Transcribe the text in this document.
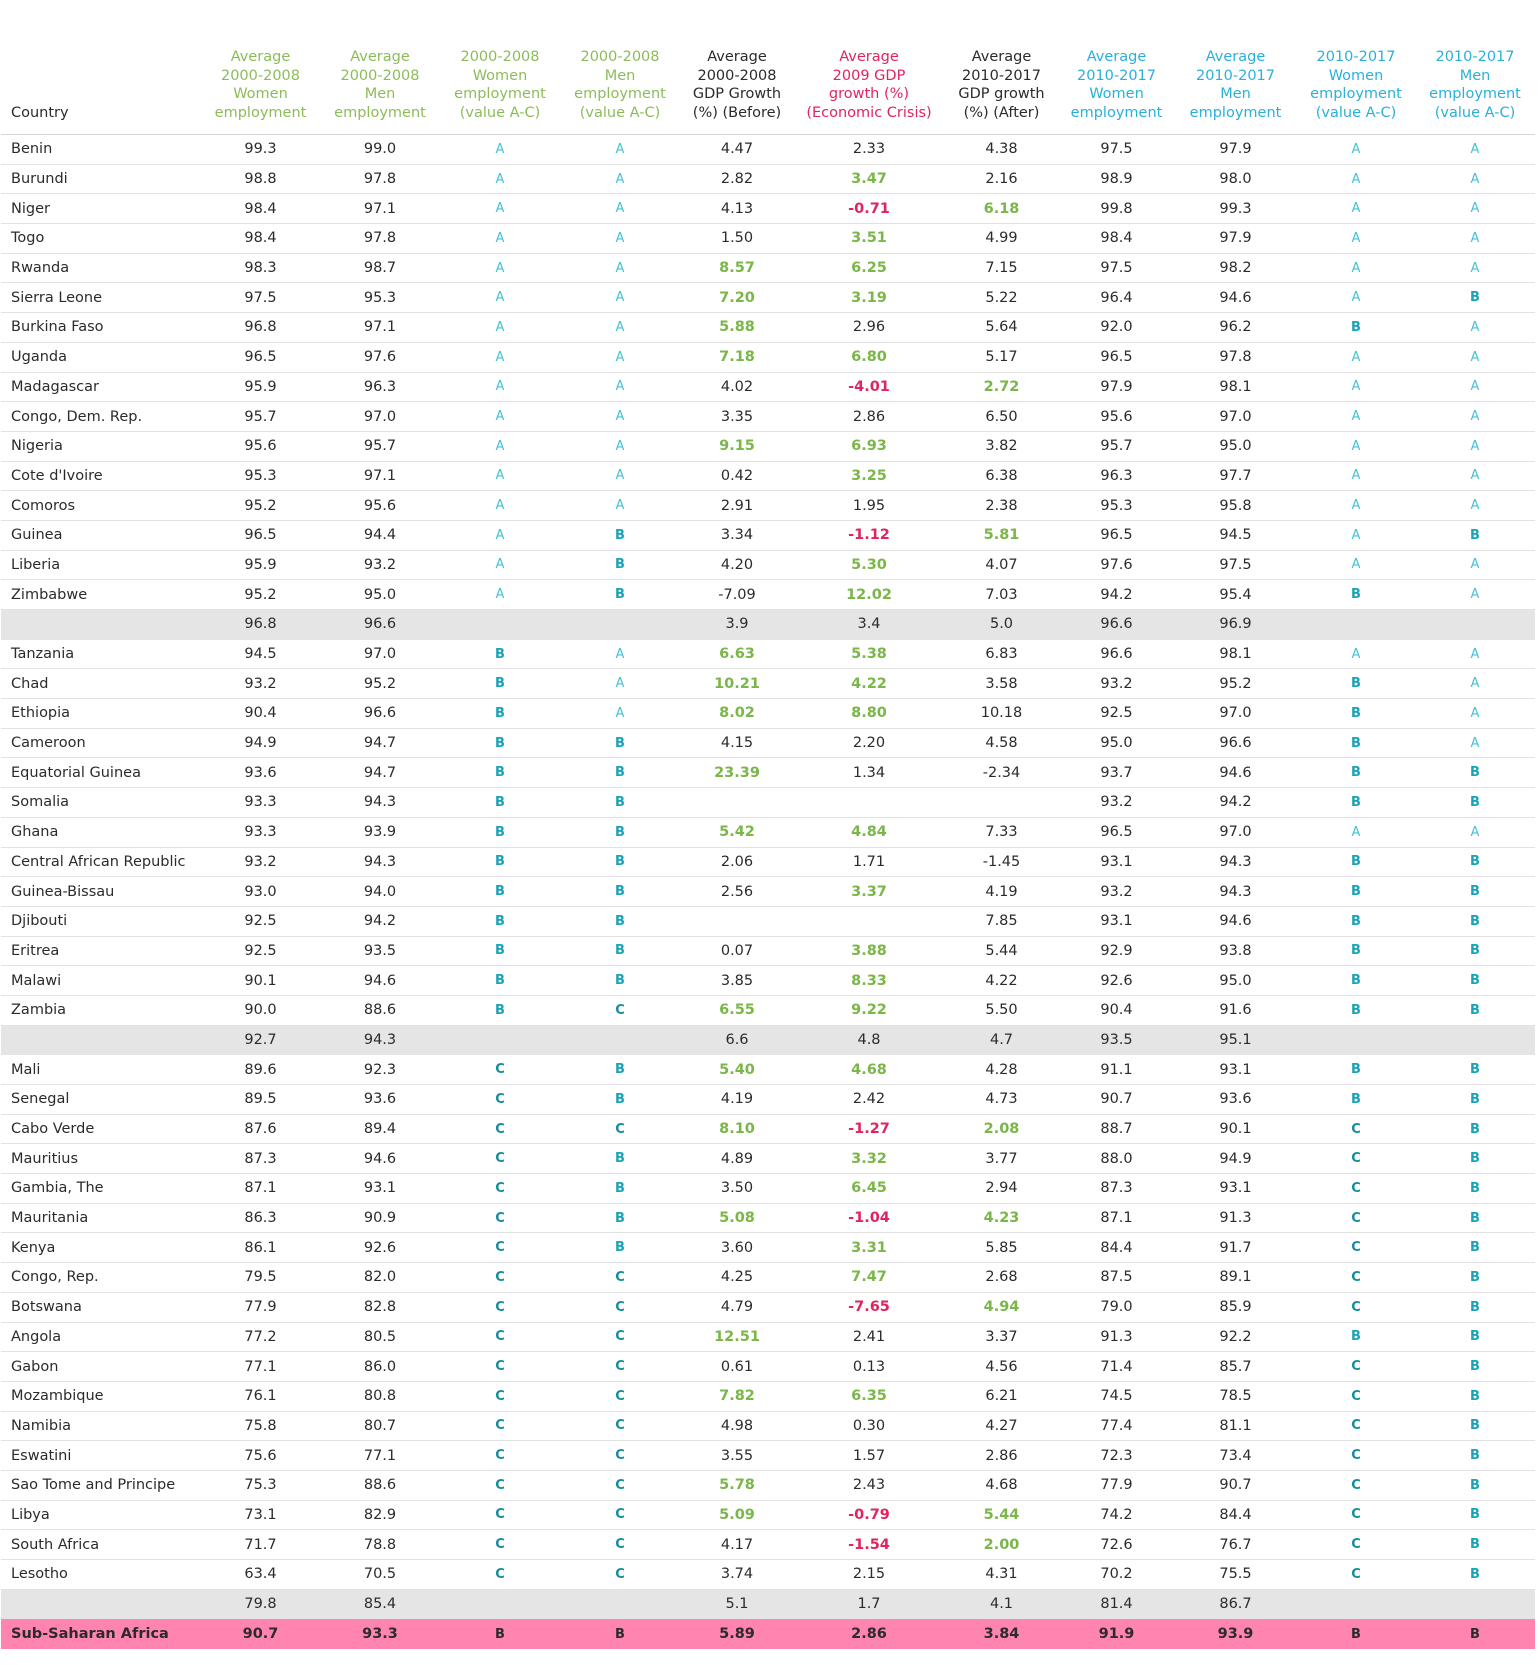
Country	Average
2000-2008
Women
employment	Average
2000-2008
Men
employment	2000-2008
Women
employment
(value A-C)	2000-2008
Men
employment
(value A-C)	Average
2000-2008
GDP Growth
(%) (Before)	Average
2009 GDP
growth (%)
(Economic Crisis)	Average
2010-2017
GDP growth
(%) (After)	Average
2010-2017
Women
employment	Average
2010-2017
Men
employment	2010-2017
Women
employment
(value A-C)	2010-2017
Men
employment
(value A-C)
Benin	99.3	99.0	A	A	4.47	2.33	4.38	97.5	97.9	A	A
Burundi	98.8	97.8	A	A	2.82	3.47	2.16	98.9	98.0	A	A
Niger	98.4	97.1	A	A	4.13	-0.71	6.18	99.8	99.3	A	A
Togo	98.4	97.8	A	A	1.50	3.51	4.99	98.4	97.9	A	A
Rwanda	98.3	98.7	A	A	8.57	6.25	7.15	97.5	98.2	A	A
Sierra Leone	97.5	95.3	A	A	7.20	3.19	5.22	96.4	94.6	A	B
Burkina Faso	96.8	97.1	A	A	5.88	2.96	5.64	92.0	96.2	B	A
Uganda	96.5	97.6	A	A	7.18	6.80	5.17	96.5	97.8	A	A
Madagascar	95.9	96.3	A	A	4.02	-4.01	2.72	97.9	98.1	A	A
Congo, Dem. Rep.	95.7	97.0	A	A	3.35	2.86	6.50	95.6	97.0	A	A
Nigeria	95.6	95.7	A	A	9.15	6.93	3.82	95.7	95.0	A	A
Cote d'Ivoire	95.3	97.1	A	A	0.42	3.25	6.38	96.3	97.7	A	A
Comoros	95.2	95.6	A	A	2.91	1.95	2.38	95.3	95.8	A	A
Guinea	96.5	94.4	A	B	3.34	-1.12	5.81	96.5	94.5	A	B
Liberia	95.9	93.2	A	B	4.20	5.30	4.07	97.6	97.5	A	A
Zimbabwe	95.2	95.0	A	B	-7.09	12.02	7.03	94.2	95.4	B	A
	96.8	96.6			3.9	3.4	5.0	96.6	96.9		
Tanzania	94.5	97.0	B	A	6.63	5.38	6.83	96.6	98.1	A	A
Chad	93.2	95.2	B	A	10.21	4.22	3.58	93.2	95.2	B	A
Ethiopia	90.4	96.6	B	A	8.02	8.80	10.18	92.5	97.0	B	A
Cameroon	94.9	94.7	B	B	4.15	2.20	4.58	95.0	96.6	B	A
Equatorial Guinea	93.6	94.7	B	B	23.39	1.34	-2.34	93.7	94.6	B	B
Somalia	93.3	94.3	B	B				93.2	94.2	B	B
Ghana	93.3	93.9	B	B	5.42	4.84	7.33	96.5	97.0	A	A
Central African Republic	93.2	94.3	B	B	2.06	1.71	-1.45	93.1	94.3	B	B
Guinea-Bissau	93.0	94.0	B	B	2.56	3.37	4.19	93.2	94.3	B	B
Djibouti	92.5	94.2	B	B			7.85	93.1	94.6	B	B
Eritrea	92.5	93.5	B	B	0.07	3.88	5.44	92.9	93.8	B	B
Malawi	90.1	94.6	B	B	3.85	8.33	4.22	92.6	95.0	B	B
Zambia	90.0	88.6	B	C	6.55	9.22	5.50	90.4	91.6	B	B
	92.7	94.3			6.6	4.8	4.7	93.5	95.1		
Mali	89.6	92.3	C	B	5.40	4.68	4.28	91.1	93.1	B	B
Senegal	89.5	93.6	C	B	4.19	2.42	4.73	90.7	93.6	B	B
Cabo Verde	87.6	89.4	C	C	8.10	-1.27	2.08	88.7	90.1	C	B
Mauritius	87.3	94.6	C	B	4.89	3.32	3.77	88.0	94.9	C	B
Gambia, The	87.1	93.1	C	B	3.50	6.45	2.94	87.3	93.1	C	B
Mauritania	86.3	90.9	C	B	5.08	-1.04	4.23	87.1	91.3	C	B
Kenya	86.1	92.6	C	B	3.60	3.31	5.85	84.4	91.7	C	B
Congo, Rep.	79.5	82.0	C	C	4.25	7.47	2.68	87.5	89.1	C	B
Botswana	77.9	82.8	C	C	4.79	-7.65	4.94	79.0	85.9	C	B
Angola	77.2	80.5	C	C	12.51	2.41	3.37	91.3	92.2	B	B
Gabon	77.1	86.0	C	C	0.61	0.13	4.56	71.4	85.7	C	B
Mozambique	76.1	80.8	C	C	7.82	6.35	6.21	74.5	78.5	C	B
Namibia	75.8	80.7	C	C	4.98	0.30	4.27	77.4	81.1	C	B
Eswatini	75.6	77.1	C	C	3.55	1.57	2.86	72.3	73.4	C	B
Sao Tome and Principe	75.3	88.6	C	C	5.78	2.43	4.68	77.9	90.7	C	B
Libya	73.1	82.9	C	C	5.09	-0.79	5.44	74.2	84.4	C	B
South Africa	71.7	78.8	C	C	4.17	-1.54	2.00	72.6	76.7	C	B
Lesotho	63.4	70.5	C	C	3.74	2.15	4.31	70.2	75.5	C	B
	79.8	85.4			5.1	1.7	4.1	81.4	86.7		
Sub-Saharan Africa	90.7	93.3	B	B	5.89	2.86	3.84	91.9	93.9	B	B
